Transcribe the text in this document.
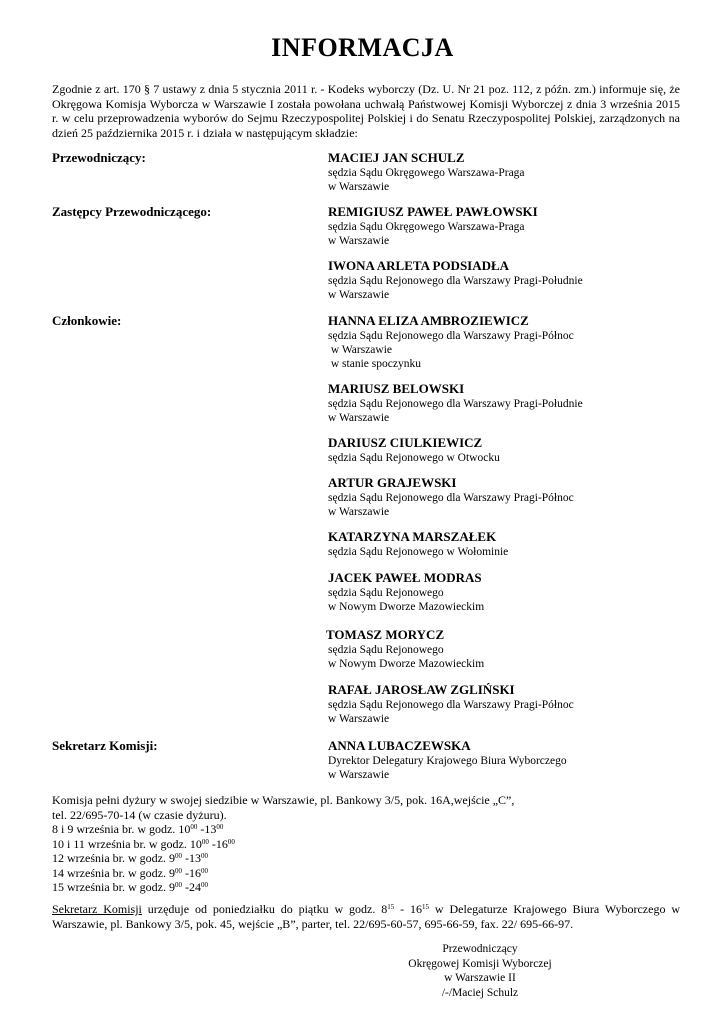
INFORMACJA

Zgodnie z art. 170 § 7 ustawy z dnia 5 stycznia 2011 r. - Kodeks wyborczy (Dz. U. Nr 21 poz. 112, z późn. zm.) informuje się, że Okręgowa Komisja Wyborcza w Warszawie I została powołana uchwałą Państwowej Komisji Wyborczej z dnia 3 września 2015 r. w celu przeprowadzenia wyborów do Sejmu Rzeczypospolitej Polskiej i do Senatu Rzeczypospolitej Polskiej, zarządzonych na dzień 25 października 2015 r. i działa w następującym składzie:

Przewodniczący:
Zastępcy Przewodniczącego:
Członkowie:
Sekretarz Komisji:
MACIEJ JAN SCHULZ
sędzia Sądu Okręgowego Warszawa-Praga
w Warszawie
REMIGIUSZ PAWEŁ PAWŁOWSKI
sędzia Sądu Okręgowego Warszawa-Praga
w Warszawie
IWONA ARLETA PODSIADŁA
sędzia Sądu Rejonowego dla Warszawy Pragi-Południe
w Warszawie
HANNA ELIZA AMBROZIEWICZ
sędzia Sądu Rejonowego dla Warszawy Pragi-Północ
w Warszawie
w stanie spoczynku
MARIUSZ BELOWSKI
sędzia Sądu Rejonowego dla Warszawy Pragi-Południe
w Warszawie
DARIUSZ CIULKIEWICZ
sędzia Sądu Rejonowego w Otwocku
ARTUR GRAJEWSKI
sędzia Sądu Rejonowego dla Warszawy Pragi-Północ
w Warszawie
KATARZYNA MARSZAŁEK
sędzia Sądu Rejonowego w Wołominie
JACEK PAWEŁ MODRAS
sędzia Sądu Rejonowego
w Nowym Dworze Mazowieckim
TOMASZ MORYCZ
sędzia Sądu Rejonowego
w Nowym Dworze Mazowieckim
RAFAŁ JAROSŁAW ZGLIŃSKI
sędzia Sądu Rejonowego dla Warszawy Pragi-Północ
w Warszawie
ANNA LUBACZEWSKA
Dyrektor Delegatury Krajowego Biura Wyborczego
w Warszawie
Komisja pełni dyżury w swojej siedzibie w Warszawie, pl. Bankowy 3/5, pok. 16A,wejście „C”,
tel. 22/695-70-14 (w czasie dyżuru).
8 i 9 września br. w godz. $10^{00}$ $-13^{00}$
10 i 11 września br. w godz. $10^{00}$ $-16^{00}$
12 września br. w godz. $9^{00}$ $-13^{00}$
14 września br. w godz. $9^{00}$ $-16^{00}$
15 września br. w godz. $9^{00}$ $-24^{00}$
Sekretarz Komisji urzęduje od poniedziałku do piątku w godz. $8^{15} - 16^{15}$ w Delegaturze Krajowego Biura Wyborczego w Warszawie, pl. Bankowy 3/5, pok. 45, wejście „B”, parter, tel. 22/695-60-57, 695-66-59, fax. 22/ 695-66-97.
Przewodniczący
Okręgowej Komisji Wyborczej
w Warszawie II
/-/Maciej Schulz
